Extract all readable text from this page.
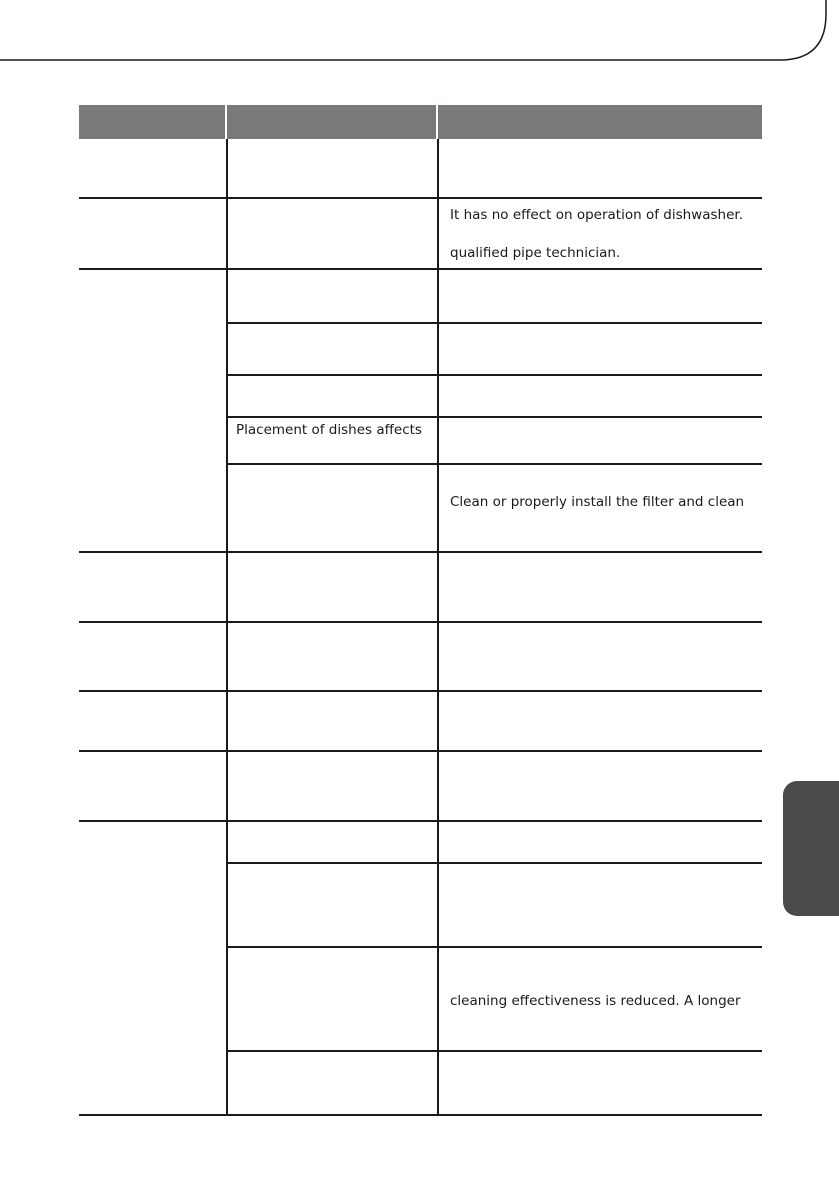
It has no effect on operation of dishwasher.
qualified pipe technician.
Placement of dishes affects
Clean or properly install the filter and clean
cleaning effectiveness is reduced. A longer
